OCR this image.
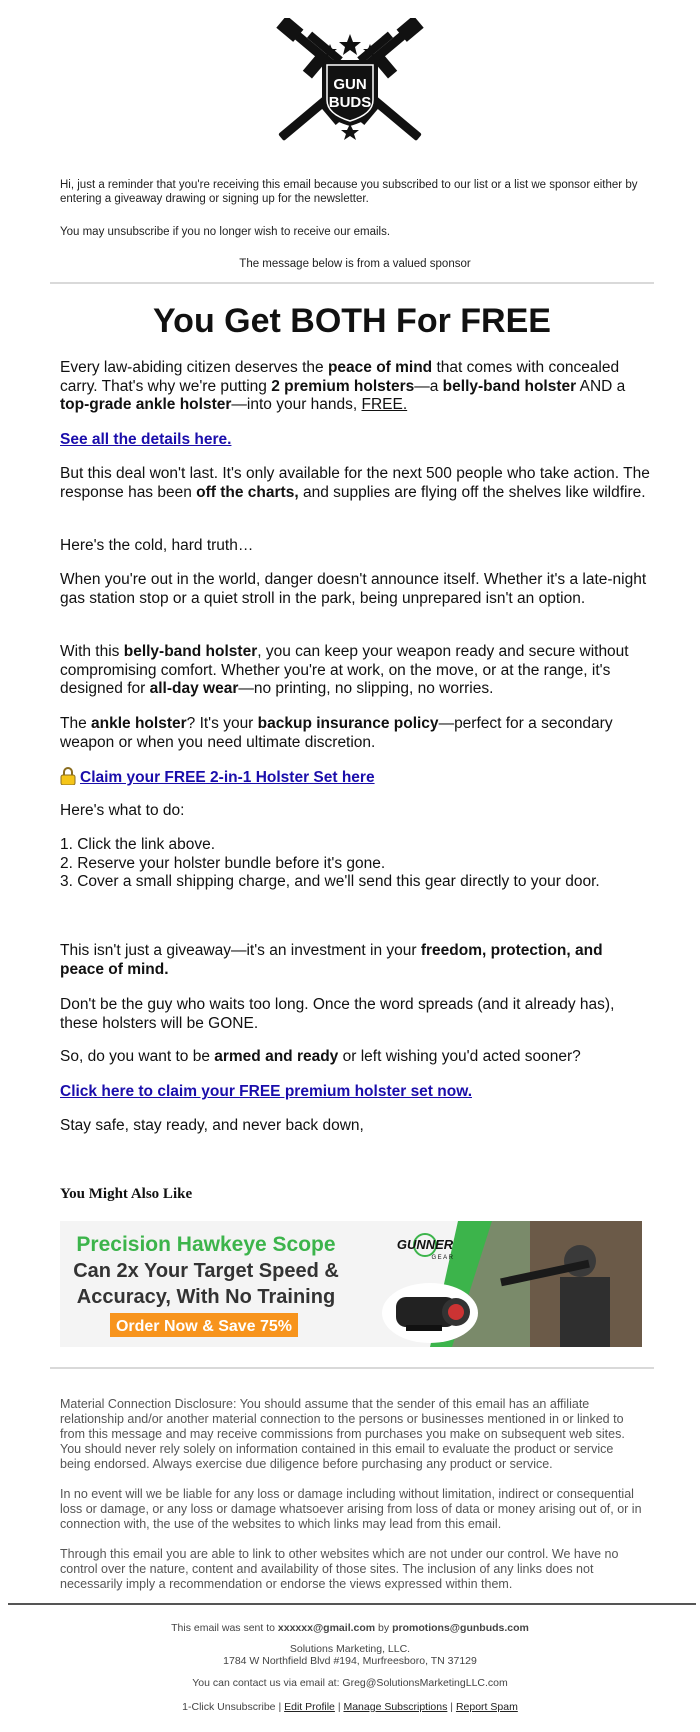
GUN
BUDS
Hi, just a reminder that you're receiving this email because you subscribed to our list or a list we sponsor either by entering a giveaway drawing or signing up for the newsletter.
You may unsubscribe if you no longer wish to receive our emails.
The message below is from a valued sponsor
You Get BOTH For FREE
Every law-abiding citizen deserves the peace of mind that comes with concealed carry. That's why we're putting 2 premium holsters—a belly-band holster AND a top-grade ankle holster—into your hands, FREE.
See all the details here.
But this deal won't last. It's only available for the next 500 people who take action. The response has been off the charts, and supplies are flying off the shelves like wildfire.
Here's the cold, hard truth…
When you're out in the world, danger doesn't announce itself. Whether it's a late-night gas station stop or a quiet stroll in the park, being unprepared isn't an option.
With this belly-band holster, you can keep your weapon ready and secure without compromising comfort. Whether you're at work, on the move, or at the range, it's designed for all-day wear—no printing, no slipping, no worries.
The ankle holster? It's your backup insurance policy—perfect for a secondary weapon or when you need ultimate discretion.
Claim your FREE 2-in-1 Holster Set here
Here's what to do:
1. Click the link above.
2. Reserve your holster bundle before it's gone.
3. Cover a small shipping charge, and we'll send this gear directly to your door.
This isn't just a giveaway—it's an investment in your freedom, protection, and peace of mind.
Don't be the guy who waits too long. Once the word spreads (and it already has), these holsters will be GONE.
So, do you want to be armed and ready or left wishing you'd acted sooner?
Click here to claim your FREE premium holster set now.
Stay safe, stay ready, and never back down,
You Might Also Like
GUNNER
GEAR
Precision Hawkeye Scope
Can 2x Your Target Speed &
Accuracy, With No Training
Order Now & Save 75%
Material Connection Disclosure: You should assume that the sender of this email has an affiliate relationship and/or another material connection to the persons or businesses mentioned in or linked to from this message and may receive commissions from purchases you make on subsequent web sites. You should never rely solely on information contained in this email to evaluate the product or service being endorsed. Always exercise due diligence before purchasing any product or service.
In no event will we be liable for any loss or damage including without limitation, indirect or consequential loss or damage, or any loss or damage whatsoever arising from loss of data or money arising out of, or in connection with, the use of the websites to which links may lead from this email.
Through this email you are able to link to other websites which are not under our control. We have no control over the nature, content and availability of those sites. The inclusion of any links does not necessarily imply a recommendation or endorse the views expressed within them.
This email was sent to xxxxxx@gmail.com by promotions@gunbuds.com
Solutions Marketing, LLC.
1784 W Northfield Blvd #194, Murfreesboro, TN 37129
You can contact us via email at: Greg@SolutionsMarketingLLC.com
1-Click Unsubscribe | Edit Profile | Manage Subscriptions | Report Spam
